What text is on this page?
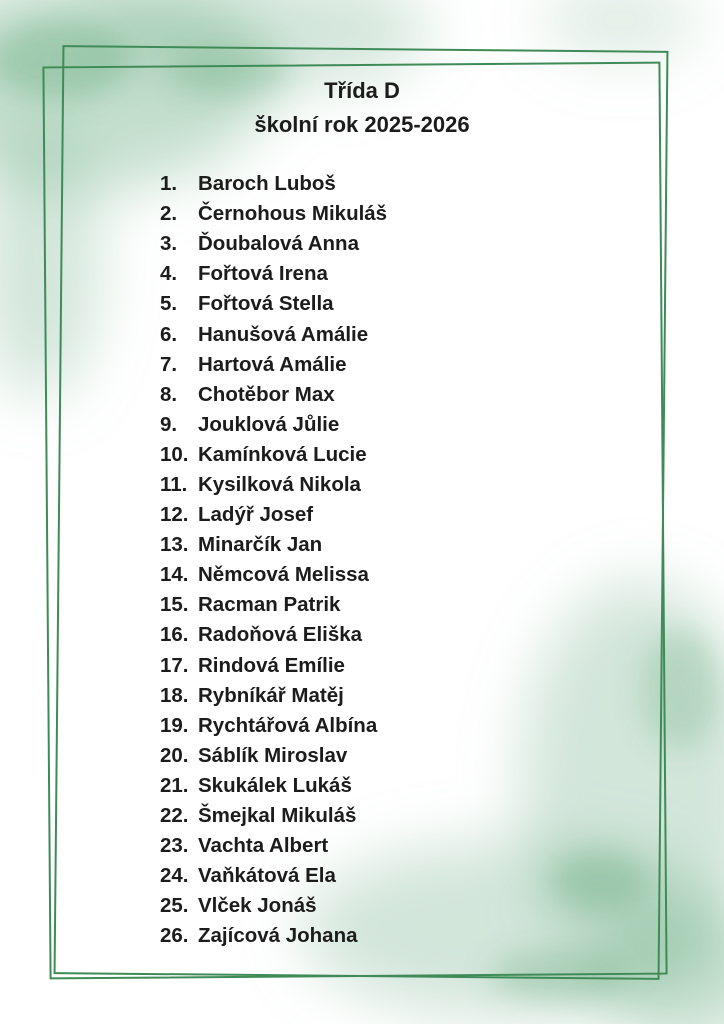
Třída D
školní rok 2025-2026
1.	Baroch Luboš
2.	Černohous Mikuláš
3.	Ďoubalová Anna
4.	Fořtová Irena
5.	Fořtová Stella
6.	Hanušová Amálie
7.	Hartová Amálie
8.	Chotěbor Max
9.	Jouklová Jůlie
10. Kamínková Lucie
11. Kysilková Nikola
12. Ladýř Josef
13. Minarčík Jan
14. Němcová Melissa
15. Racman Patrik
16. Radoňová Eliška
17. Rindová Emílie
18. Rybníkář Matěj
19. Rychtářová Albína
20. Sáblík Miroslav
21. Skukálek Lukáš
22. Šmejkal Mikuláš
23. Vachta Albert
24. Vaňkátová Ela
25. Vlček Jonáš
26. Zajícová Johana
